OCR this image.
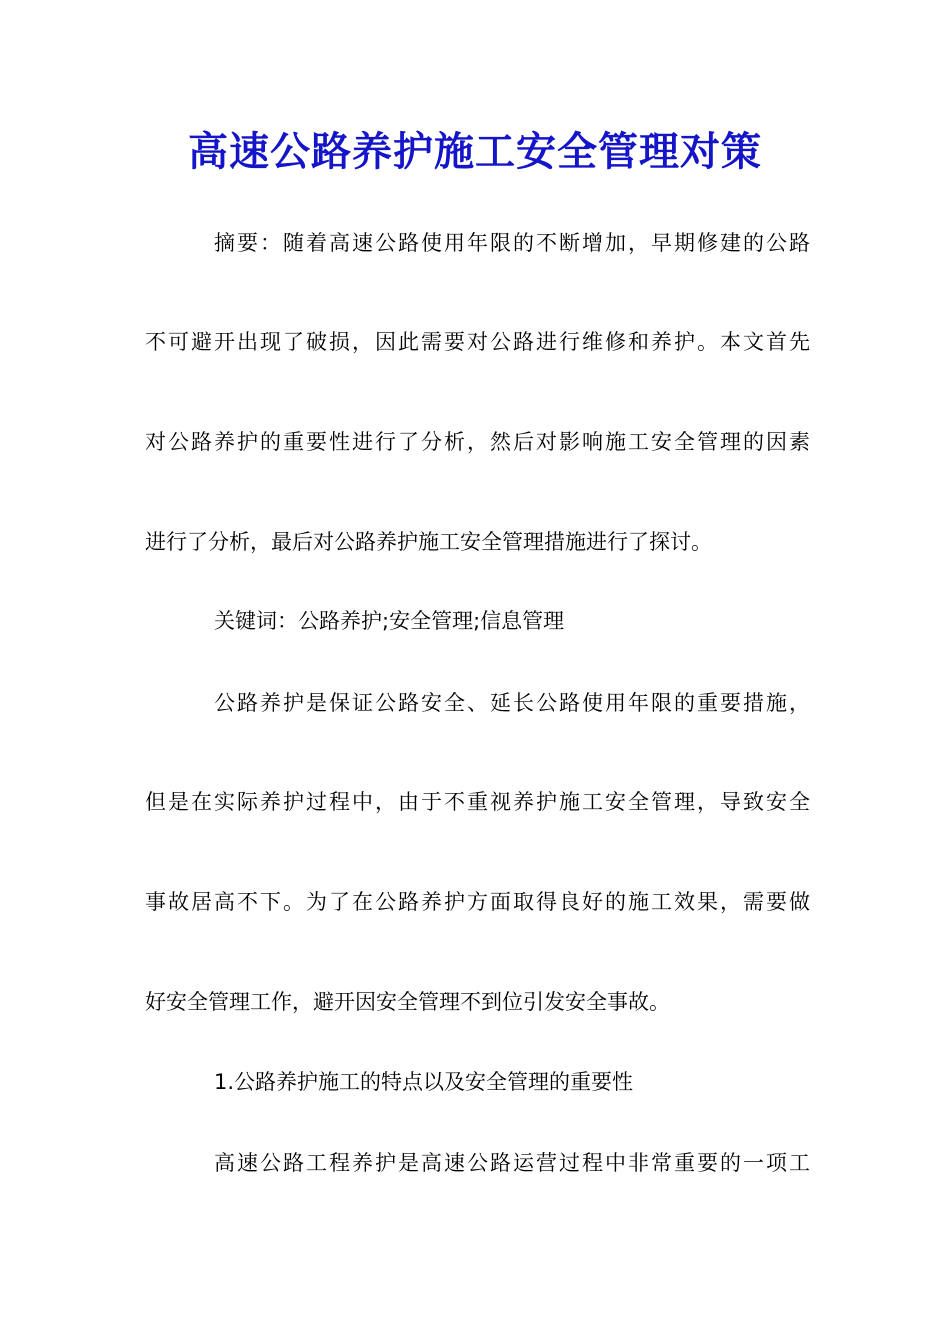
高速公路养护施工安全管理对策
摘要：随着高速公路使用年限的不断增加，早期修建的公路
不可避开出现了破损，因此需要对公路进行维修和养护。本文首先
对公路养护的重要性进行了分析，然后对影响施工安全管理的因素
进行了分析，最后对公路养护施工安全管理措施进行了探讨。
关键词：公路养护;安全管理;信息管理
公路养护是保证公路安全、延长公路使用年限的重要措施，
但是在实际养护过程中，由于不重视养护施工安全管理，导致安全
事故居高不下。为了在公路养护方面取得良好的施工效果，需要做
好安全管理工作，避开因安全管理不到位引发安全事故。
1.公路养护施工的特点以及安全管理的重要性
高速公路工程养护是高速公路运营过程中非常重要的一项工
